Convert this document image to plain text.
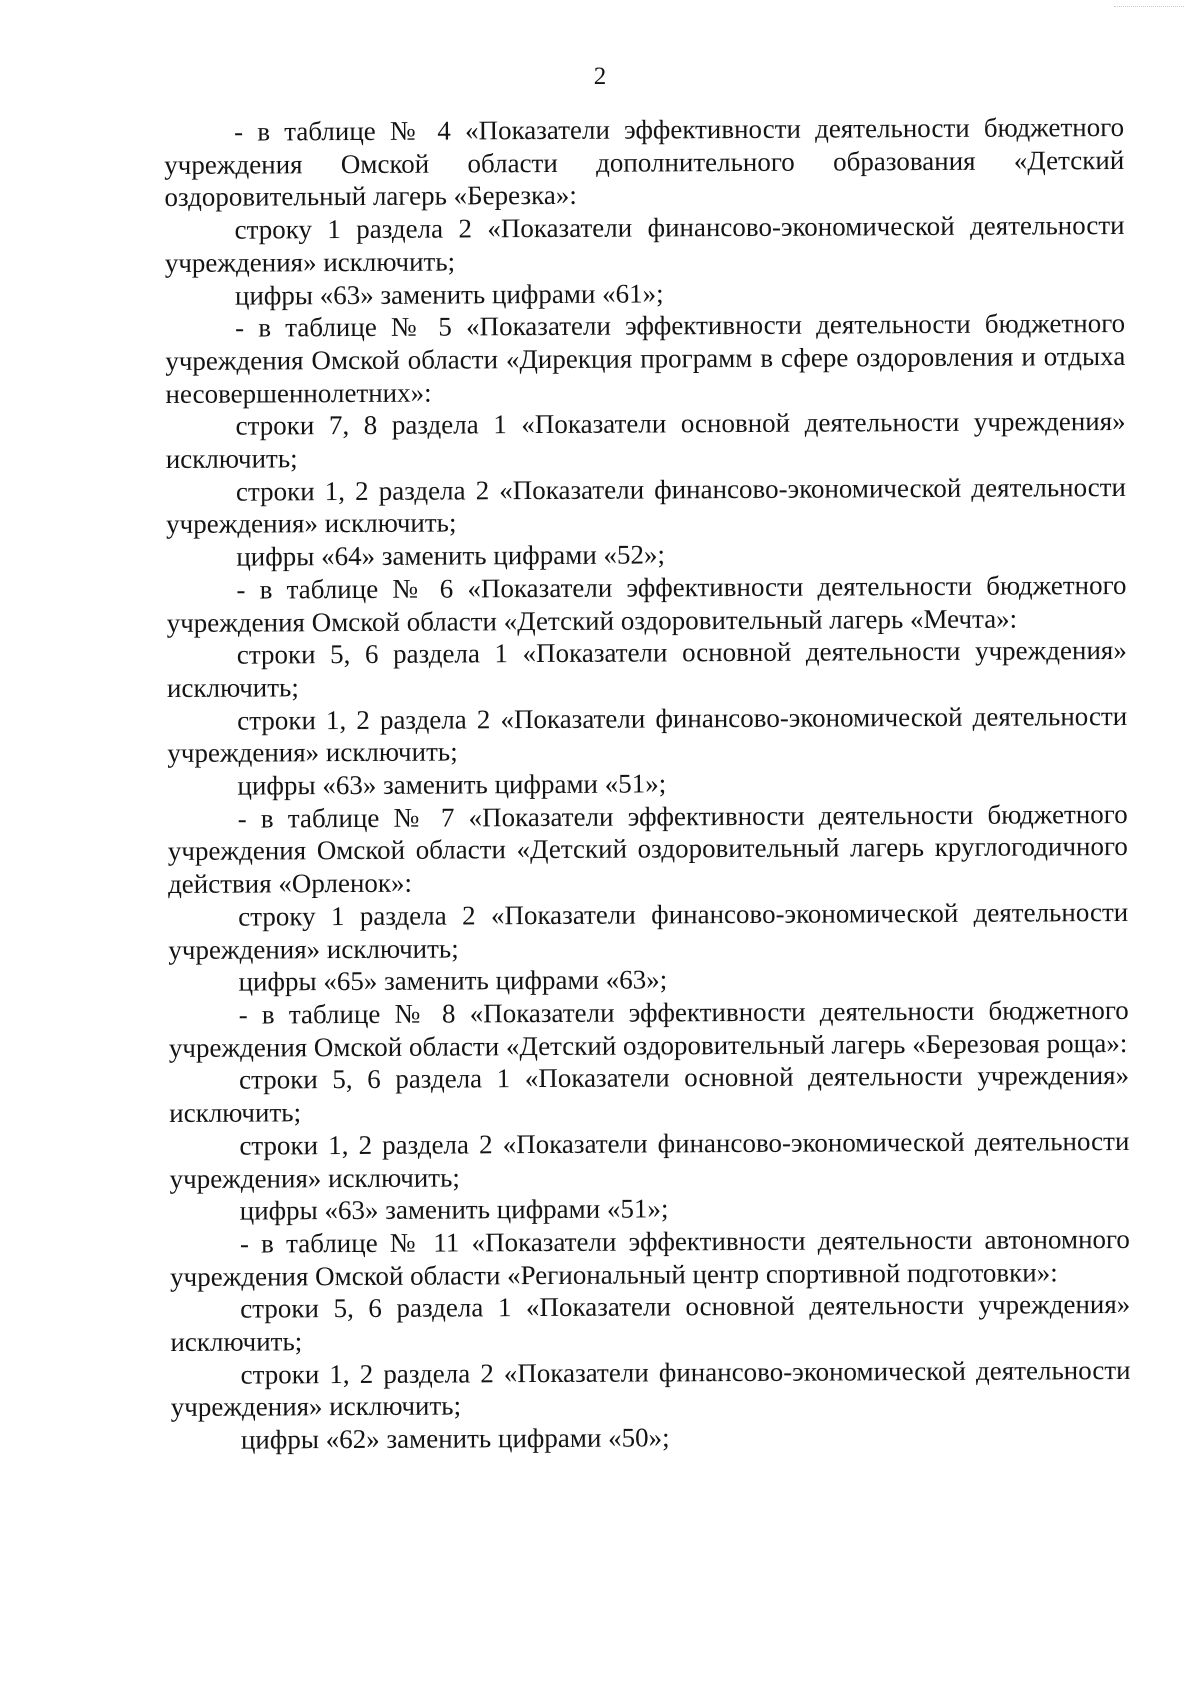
2

- в таблице № 4 «Показатели эффективности деятельности бюджетного учреждения Омской области дополнительного образования «Детский оздоровительный лагерь «Березка»:

строку 1 раздела 2 «Показатели финансово-экономической деятельности учреждения» исключить;

цифры «63» заменить цифрами «61»;

- в таблице № 5 «Показатели эффективности деятельности бюджетного учреждения Омской области «Дирекция программ в сфере оздоровления и отдыха несовершеннолетних»:

строки 7, 8 раздела 1 «Показатели основной деятельности учреждения» исключить;

строки 1, 2 раздела 2 «Показатели финансово-экономической деятельности учреждения» исключить;

цифры «64» заменить цифрами «52»;

- в таблице № 6 «Показатели эффективности деятельности бюджетного учреждения Омской области «Детский оздоровительный лагерь «Мечта»:

строки 5, 6 раздела 1 «Показатели основной деятельности учреждения» исключить;

строки 1, 2 раздела 2 «Показатели финансово-экономической деятельности учреждения» исключить;

цифры «63» заменить цифрами «51»;

- в таблице № 7 «Показатели эффективности деятельности бюджетного учреждения Омской области «Детский оздоровительный лагерь круглогодичного действия «Орленок»:

строку 1 раздела 2 «Показатели финансово-экономической деятельности учреждения» исключить;

цифры «65» заменить цифрами «63»;

- в таблице № 8 «Показатели эффективности деятельности бюджетного учреждения Омской области «Детский оздоровительный лагерь «Березовая роща»:

строки 5, 6 раздела 1 «Показатели основной деятельности учреждения» исключить;

строки 1, 2 раздела 2 «Показатели финансово-экономической деятельности учреждения» исключить;

цифры «63» заменить цифрами «51»;

- в таблице № 11 «Показатели эффективности деятельности автономного учреждения Омской области «Региональный центр спортивной подготовки»:

строки 5, 6 раздела 1 «Показатели основной деятельности учреждения» исключить;

строки 1, 2 раздела 2 «Показатели финансово-экономической деятельности учреждения» исключить;

цифры «62» заменить цифрами «50»;
